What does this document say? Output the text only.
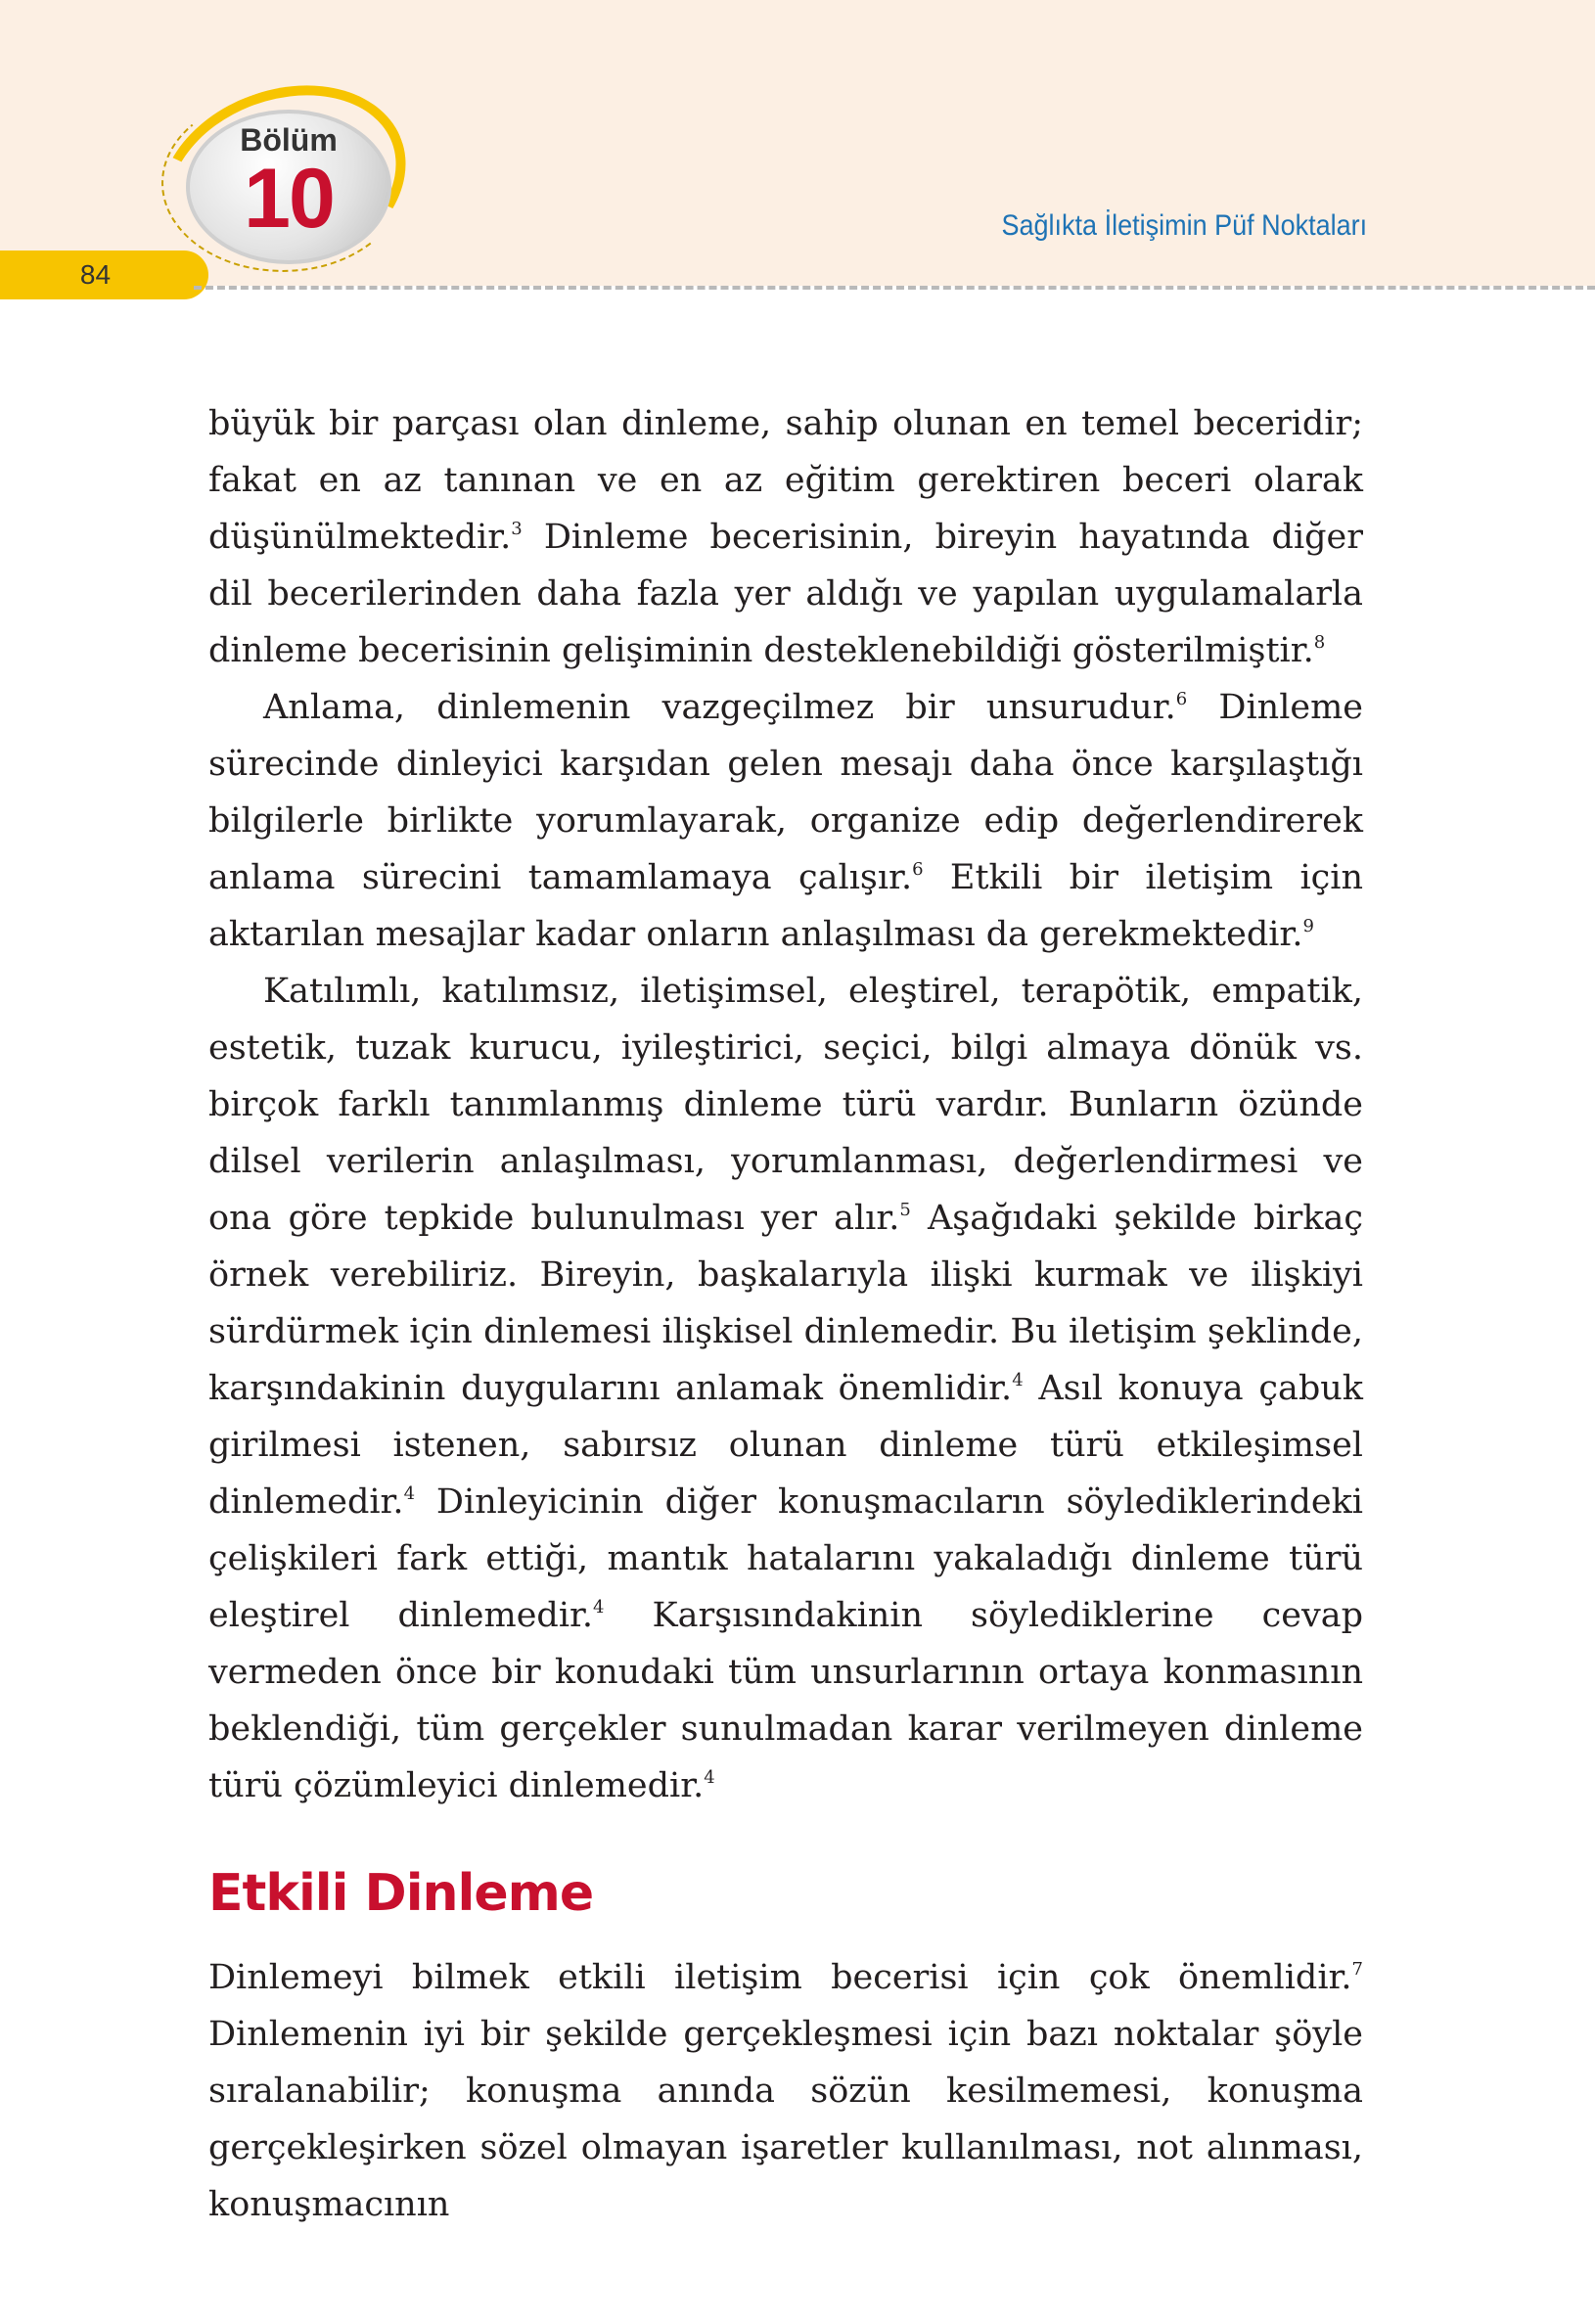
Bölüm
10	Sağlıkta İletişimin Püf Noktaları
84

büyük bir parçası olan dinleme, sahip olunan en temel beceridir; fakat en az tanınan ve en az eğitim gerektiren beceri olarak düşünülmektedir.$^3$ Dinleme becerisinin, bireyin hayatında diğer dil becerilerinden daha fazla yer aldığı ve yapılan uygulamalarla dinleme becerisinin gelişiminin desteklenebildiği gösterilmiştir.$^8$

Anlama, dinlemenin vazgeçilmez bir unsurudur.$^6$ Dinleme sürecinde dinleyici karşıdan gelen mesajı daha önce karşılaştığı bilgilerle birlikte yorumlayarak, organize edip değerlendirerek anlama sürecini tamamlamaya çalışır.$^6$ Etkili bir iletişim için aktarılan mesajlar kadar onların anlaşılması da gerekmektedir.$^9$

Katılımlı, katılımsız, iletişimsel, eleştirel, terapötik, empatik, estetik, tuzak kurucu, iyileştirici, seçici, bilgi almaya dönük vs. birçok farklı tanımlanmış dinleme türü vardır. Bunların özünde dilsel verilerin anlaşılması, yorumlanması, değerlendirmesi ve ona göre tepkide bulunulması yer alır.$^5$ Aşağıdaki şekilde birkaç örnek verebiliriz. Bireyin, başkalarıyla ilişki kurmak ve ilişkiyi sürdürmek için dinlemesi ilişkisel dinlemedir. Bu iletişim şeklinde, karşındakinin duygularını anlamak önemlidir.$^4$ Asıl konuya çabuk girilmesi istenen, sabırsız olunan dinleme türü etkileşimsel dinlemedir.$^4$ Dinleyicinin diğer konuşmacıların söylediklerindeki çelişkileri fark ettiği, mantık hatalarını yakaladığı dinleme türü eleştirel dinlemedir.$^4$ Karşısındakinin söylediklerine cevap vermeden önce bir konudaki tüm unsurlarının ortaya konmasının beklendiği, tüm gerçekler sunulmadan karar verilmeyen dinleme türü çözümleyici dinlemedir.$^4$

Etkili Dinleme

Dinlemeyi bilmek etkili iletişim becerisi için çok önemlidir.$^7$ Dinlemenin iyi bir şekilde gerçekleşmesi için bazı noktalar şöyle sıralanabilir; konuşma anında sözün kesilmemesi, konuşma gerçekleşirken sözel olmayan işaretler kullanılması, not alınması, konuşmacının
